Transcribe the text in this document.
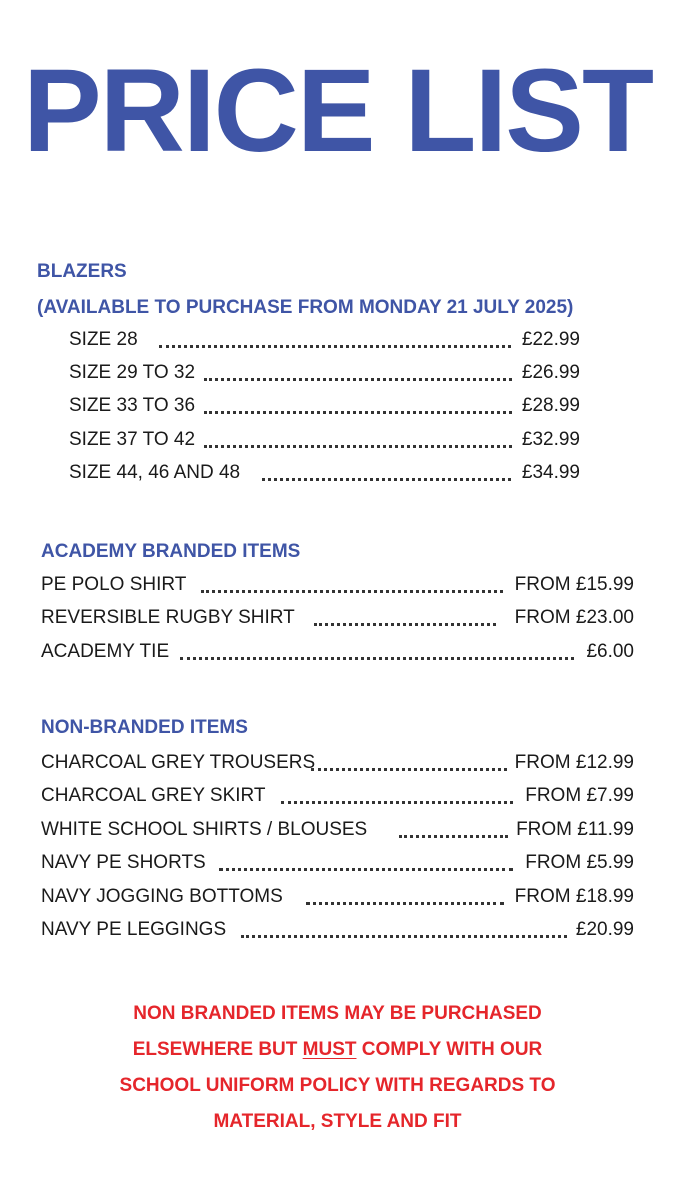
PRICE LIST
BLAZERS
(AVAILABLE TO PURCHASE FROM MONDAY 21 JULY 2025)
SIZE 28	£22.99
SIZE 29 TO 32	£26.99
SIZE 33 TO 36	£28.99
SIZE 37 TO 42	£32.99
SIZE 44, 46 AND 48	£34.99
ACADEMY BRANDED ITEMS
PE POLO SHIRT	FROM £15.99
REVERSIBLE RUGBY SHIRT	FROM £23.00
ACADEMY TIE	£6.00
NON-BRANDED ITEMS
CHARCOAL GREY TROUSERS	FROM £12.99
CHARCOAL GREY SKIRT	FROM £7.99
WHITE SCHOOL SHIRTS / BLOUSES	FROM £11.99
NAVY PE SHORTS	FROM £5.99
NAVY JOGGING BOTTOMS	FROM £18.99
NAVY PE LEGGINGS	£20.99
NON BRANDED ITEMS MAY BE PURCHASED
ELSEWHERE BUT MUST COMPLY WITH OUR
SCHOOL UNIFORM POLICY WITH REGARDS TO
MATERIAL, STYLE AND FIT
